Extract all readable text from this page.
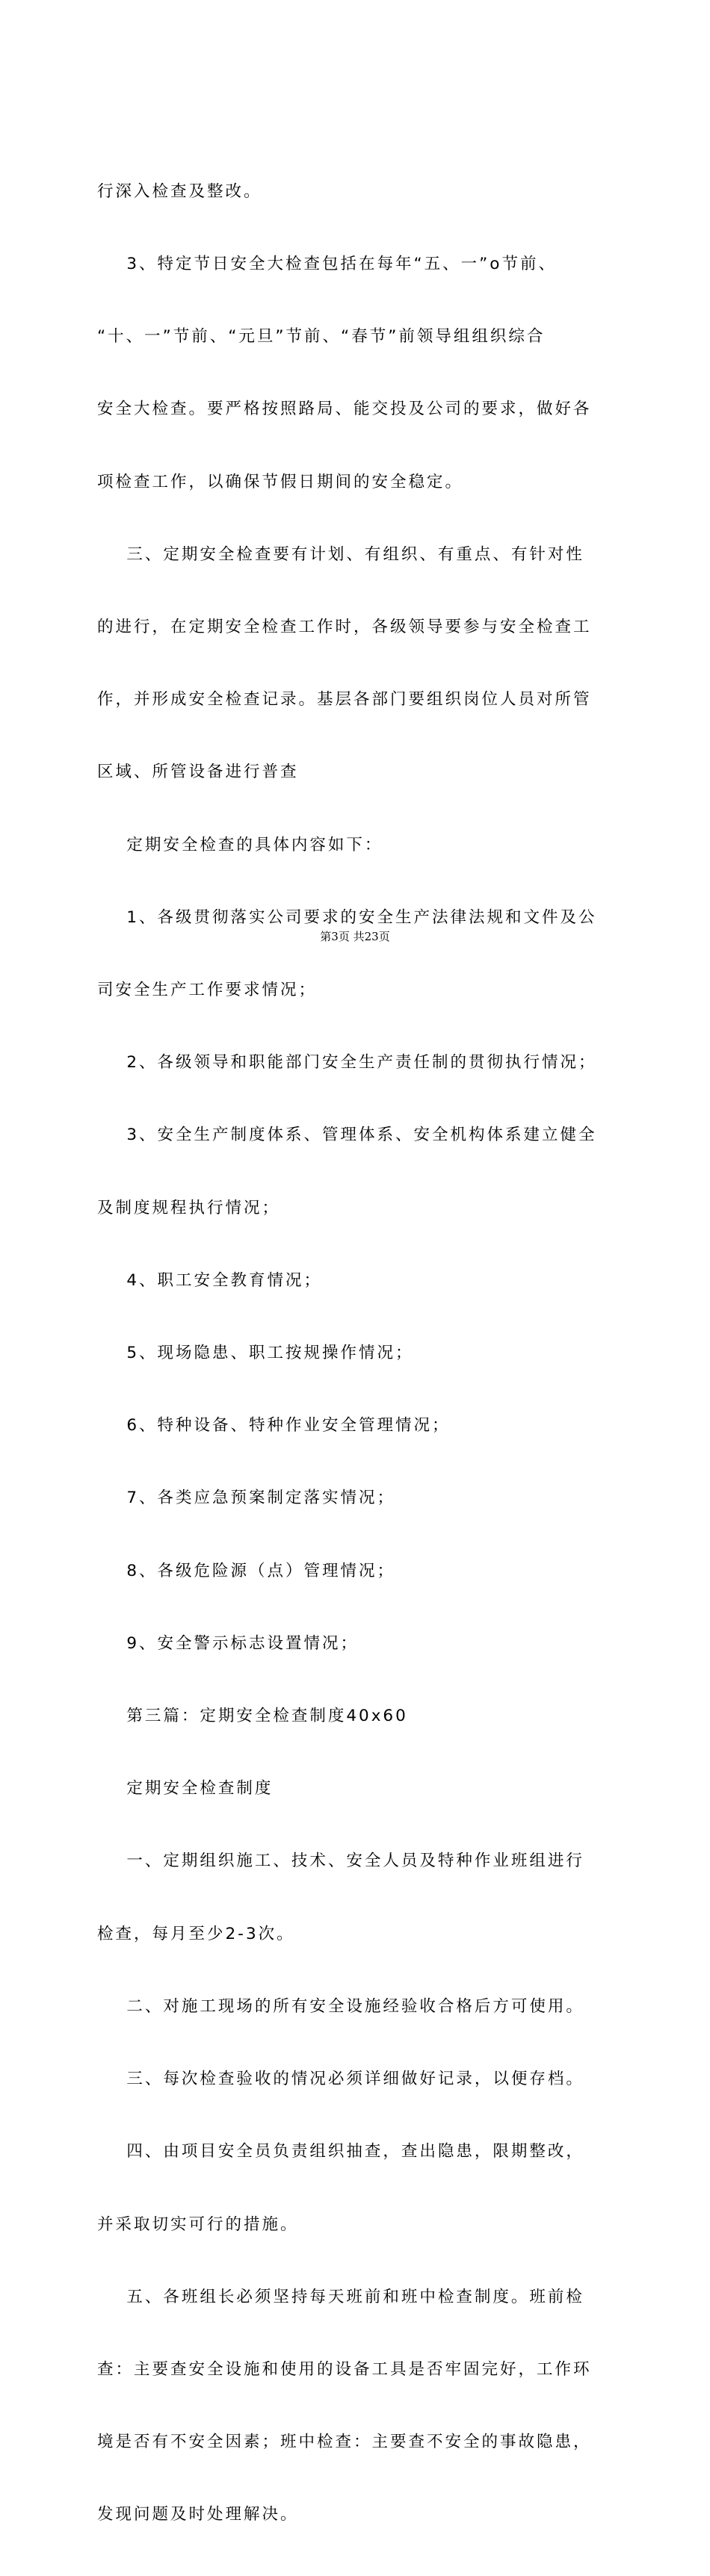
行深入检查及整改。

3、特定节日安全大检查包括在每年“五、一”o节前、

“十、一”节前、“元旦”节前、“春节”前领导组组织综合

安全大检查。要严格按照路局、能交投及公司的要求，做好各

项检查工作，以确保节假日期间的安全稳定。

三、定期安全检查要有计划、有组织、有重点、有针对性

的进行，在定期安全检查工作时，各级领导要参与安全检查工

作，并形成安全检查记录。基层各部门要组织岗位人员对所管

区域、所管设备进行普查

定期安全检查的具体内容如下：

1、各级贯彻落实公司要求的安全生产法律法规和文件及公

司安全生产工作要求情况；

2、各级领导和职能部门安全生产责任制的贯彻执行情况；

3、安全生产制度体系、管理体系、安全机构体系建立健全

及制度规程执行情况；

4、职工安全教育情况；

5、现场隐患、职工按规操作情况；

6、特种设备、特种作业安全管理情况；

7、各类应急预案制定落实情况；

8、各级危险源（点）管理情况；

9、安全警示标志设置情况；

第三篇：定期安全检查制度40x60

定期安全检查制度

一、定期组织施工、技术、安全人员及特种作业班组进行

检查，每月至少2-3次。

二、对施工现场的所有安全设施经验收合格后方可使用。

三、每次检查验收的情况必须详细做好记录，以便存档。

四、由项目安全员负责组织抽查，查出隐患，限期整改，

并采取切实可行的措施。

五、各班组长必须坚持每天班前和班中检查制度。班前检

查：主要查安全设施和使用的设备工具是否牢固完好，工作环

境是否有不安全因素；班中检查：主要查不安全的事故隐患，

发现问题及时处理解决。

第3页 共23页
